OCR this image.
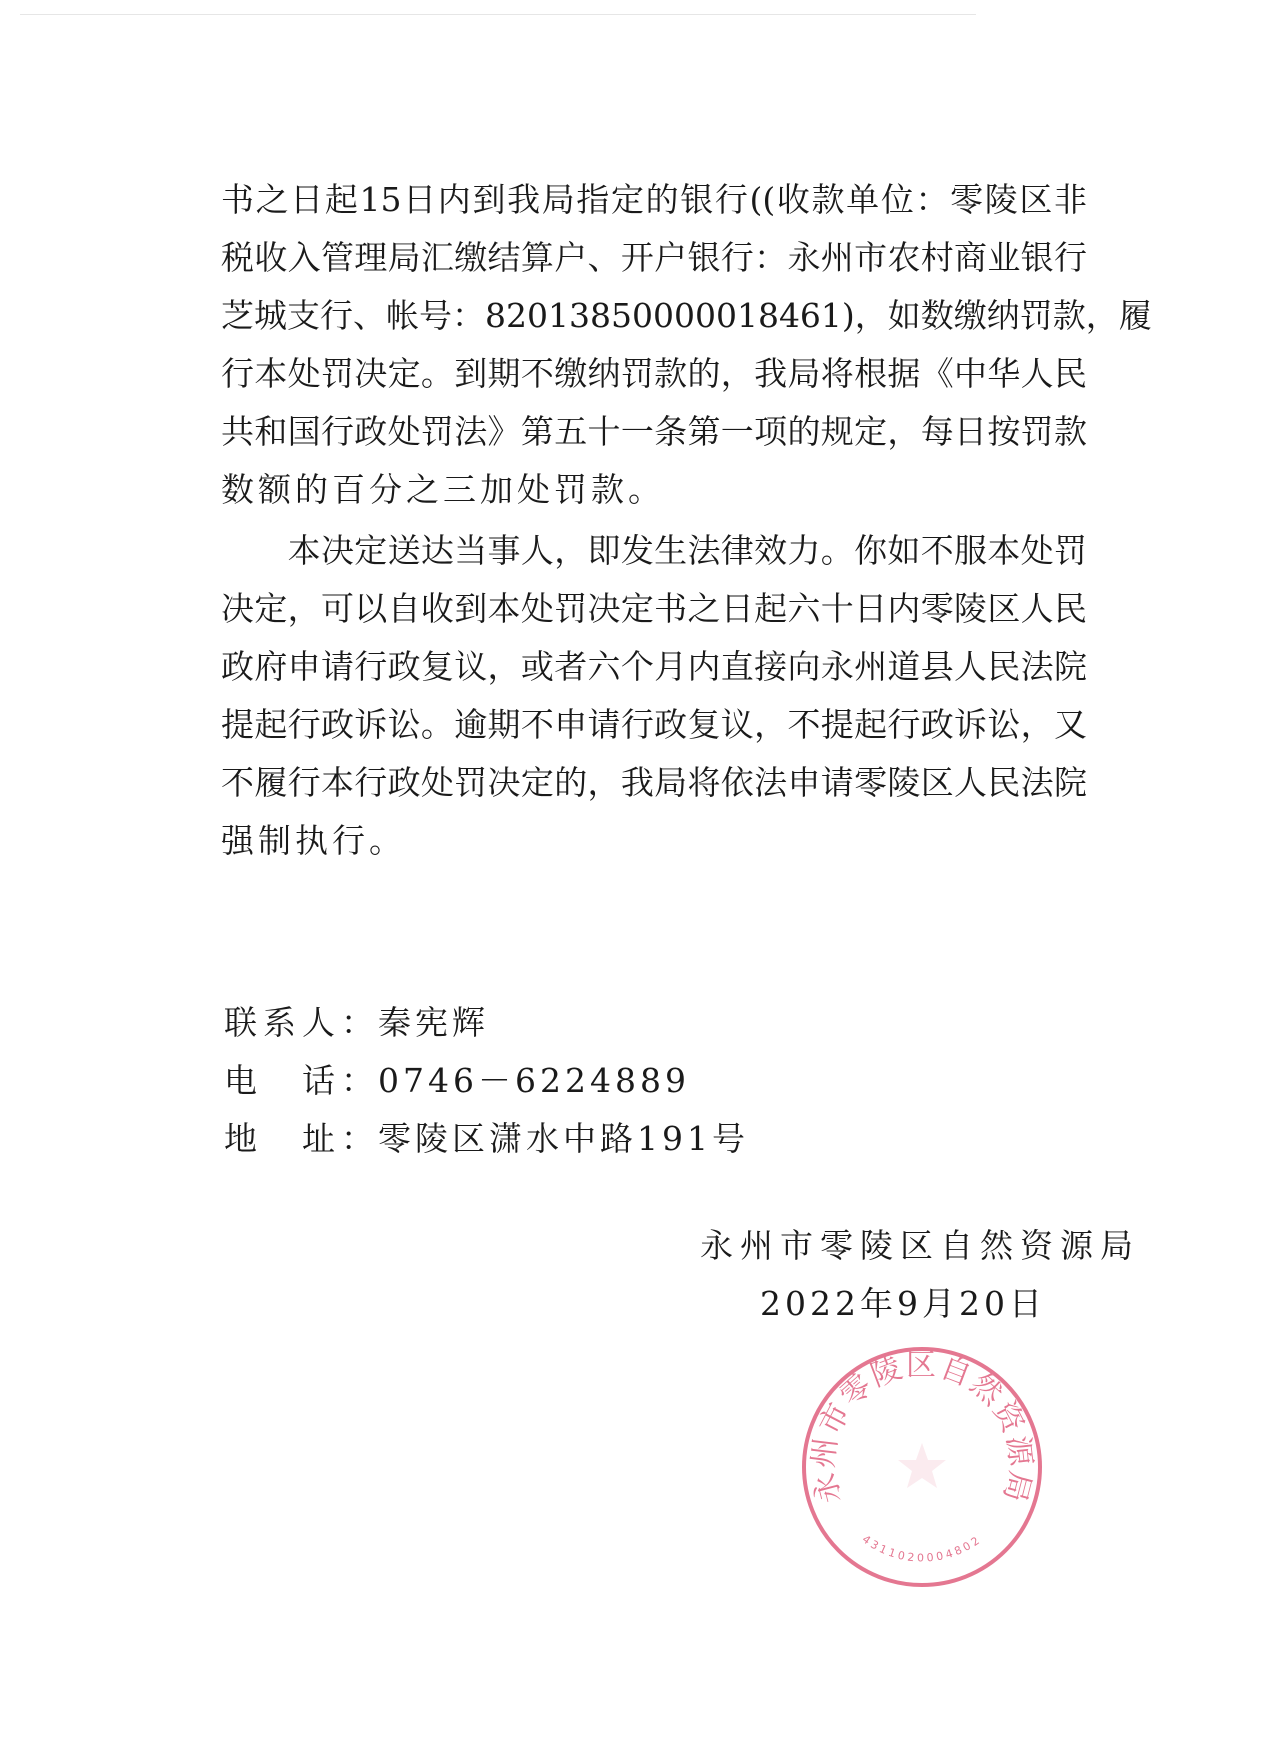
书之日起15日内到我局指定的银行((收款单位：零陵区非
税收入管理局汇缴结算户、开户银行：永州市农村商业银行
芝城支行、帐号：82013850000018461)，如数缴纳罚款，履
行本处罚决定。到期不缴纳罚款的，我局将根据《中华人民
共和国行政处罚法》第五十一条第一项的规定，每日按罚款
数额的百分之三加处罚款。
　　本决定送达当事人，即发生法律效力。你如不服本处罚
决定，可以自收到本处罚决定书之日起六十日内零陵区人民
政府申请行政复议，或者六个月内直接向永州道县人民法院
提起行政诉讼。逾期不申请行政复议，不提起行政诉讼，又
不履行本行政处罚决定的，我局将依法申请零陵区人民法院
强制执行。
联系人： 秦宪辉
电　话： 0746－6224889
地　址： 零陵区潇水中路191号
永州市零陵区自然资源局
2022年9月20日
永州市零陵区自然资源局
4311020004802
